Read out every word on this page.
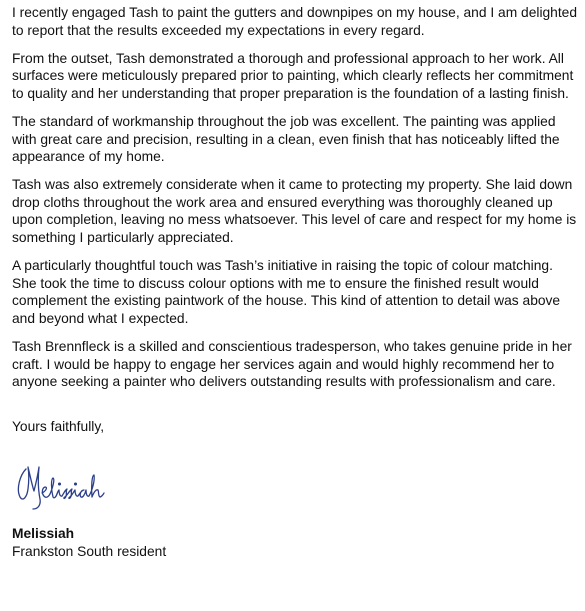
I recently engaged Tash to paint the gutters and downpipes on my house, and I am delighted to report that the results exceeded my expectations in every regard.

From the outset, Tash demonstrated a thorough and professional approach to her work. All surfaces were meticulously prepared prior to painting, which clearly reflects her commitment to quality and her understanding that proper preparation is the foundation of a lasting finish.

The standard of workmanship throughout the job was excellent. The painting was applied with great care and precision, resulting in a clean, even finish that has noticeably lifted the appearance of my home.

Tash was also extremely considerate when it came to protecting my property. She laid down drop cloths throughout the work area and ensured everything was thoroughly cleaned up upon completion, leaving no mess whatsoever. This level of care and respect for my home is something I particularly appreciated.

A particularly thoughtful touch was Tash’s initiative in raising the topic of colour matching. She took the time to discuss colour options with me to ensure the finished result would complement the existing paintwork of the house. This kind of attention to detail was above and beyond what I expected.

Tash Brennfleck is a skilled and conscientious tradesperson, who takes genuine pride in her craft. I would be happy to engage her services again and would highly recommend her to anyone seeking a painter who delivers outstanding results with professionalism and care.

Yours faithfully,
Melissiah
Frankston South resident
